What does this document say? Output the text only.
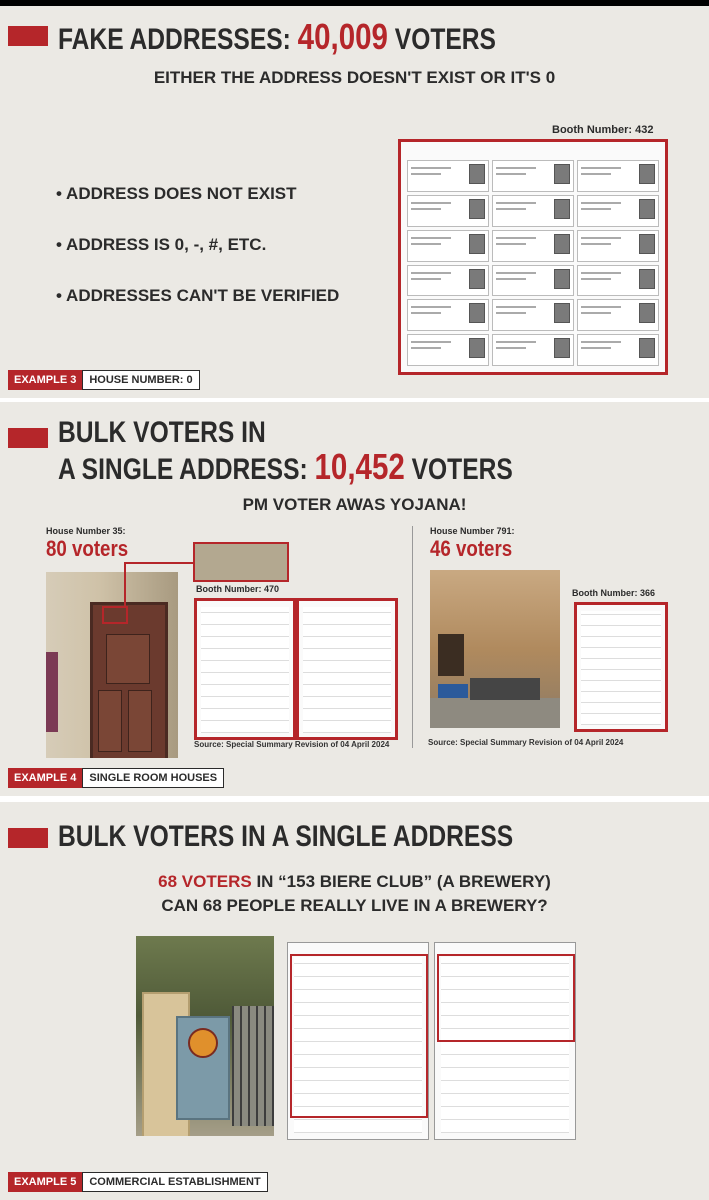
FAKE ADDRESSES: 40,009 VOTERS
EITHER THE ADDRESS DOESN'T EXIST OR IT'S 0
Booth Number: 432
• ADDRESS DOES NOT EXIST
• ADDRESS IS 0, -, #, ETC.
• ADDRESSES CAN'T BE VERIFIED
EXAMPLE 3	HOUSE NUMBER: 0
BULK VOTERS IN
A SINGLE ADDRESS: 10,452 VOTERS
PM VOTER AWAS YOJANA!
House Number 35:
80 voters
Booth Number: 470
Source: Special Summary Revision of 04 April 2024
House Number 791:
46 voters
Booth Number: 366
Source: Special Summary Revision of 04 April 2024
EXAMPLE 4	SINGLE ROOM HOUSES
BULK VOTERS IN A SINGLE ADDRESS
68 VOTERS IN “153 BIERE CLUB” (A BREWERY)
CAN 68 PEOPLE REALLY LIVE IN A BREWERY?
EXAMPLE 5	COMMERCIAL ESTABLISHMENT
